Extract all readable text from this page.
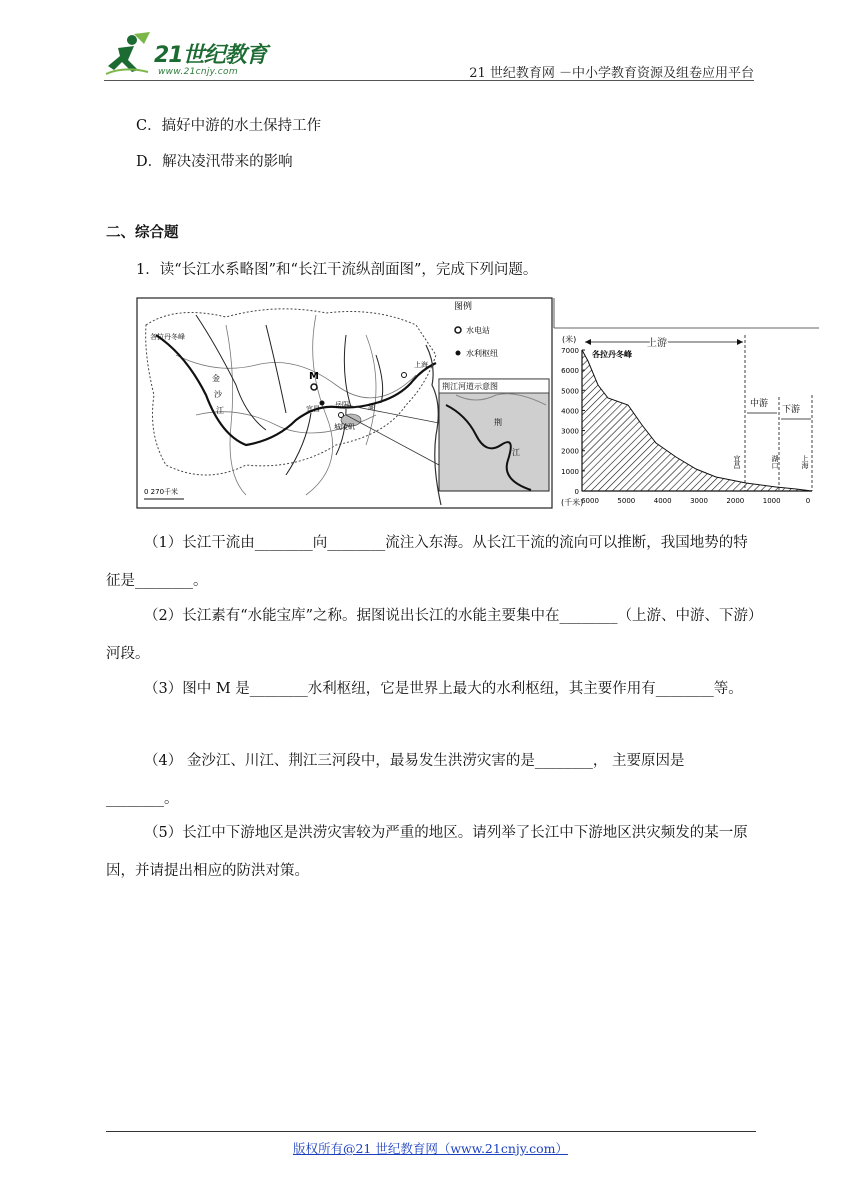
21世纪教育
www.21cnjy.com	21 世纪教育网 －中小学教育资源及组卷应用平台
C．搞好中游的水土保持工作
D．解决凌汛带来的影响
二、综合题
1．读“长江水系略图”和“长江干流纵剖面图”，完成下列问题。
M
宜昌 岳阳
城陵矶
上海
金
沙
江
各拉丹冬峰
湖
0 270千米
图例
水电站
水利枢纽
荆江河道示意图
荆
江
(米)
(千米)
7000
6000
5000
4000
3000
2000
1000
0
6000	5000	4000	3000	2000	1000	0
各拉丹冬峰
上游
中游
下游
宜昌	湖口	上海
（1）长江干流由________向________流注入东海。从长江干流的流向可以推断，我国地势的特征是________。
（2）长江素有“水能宝库”之称。据图说出长江的水能主要集中在________（上游、中游、下游）河段。
（3）图中 M 是________水利枢纽，它是世界上最大的水利枢纽，其主要作用有________等。
（4） 金沙江、川江、荆江三河段中，最易发生洪涝灾害的是________， 主要原因是________。
（5）长江中下游地区是洪涝灾害较为严重的地区。请列举了长江中下游地区洪灾频发的某一原因，并请提出相应的防洪对策。
版权所有@21 世纪教育网（www.21cnjy.com）
